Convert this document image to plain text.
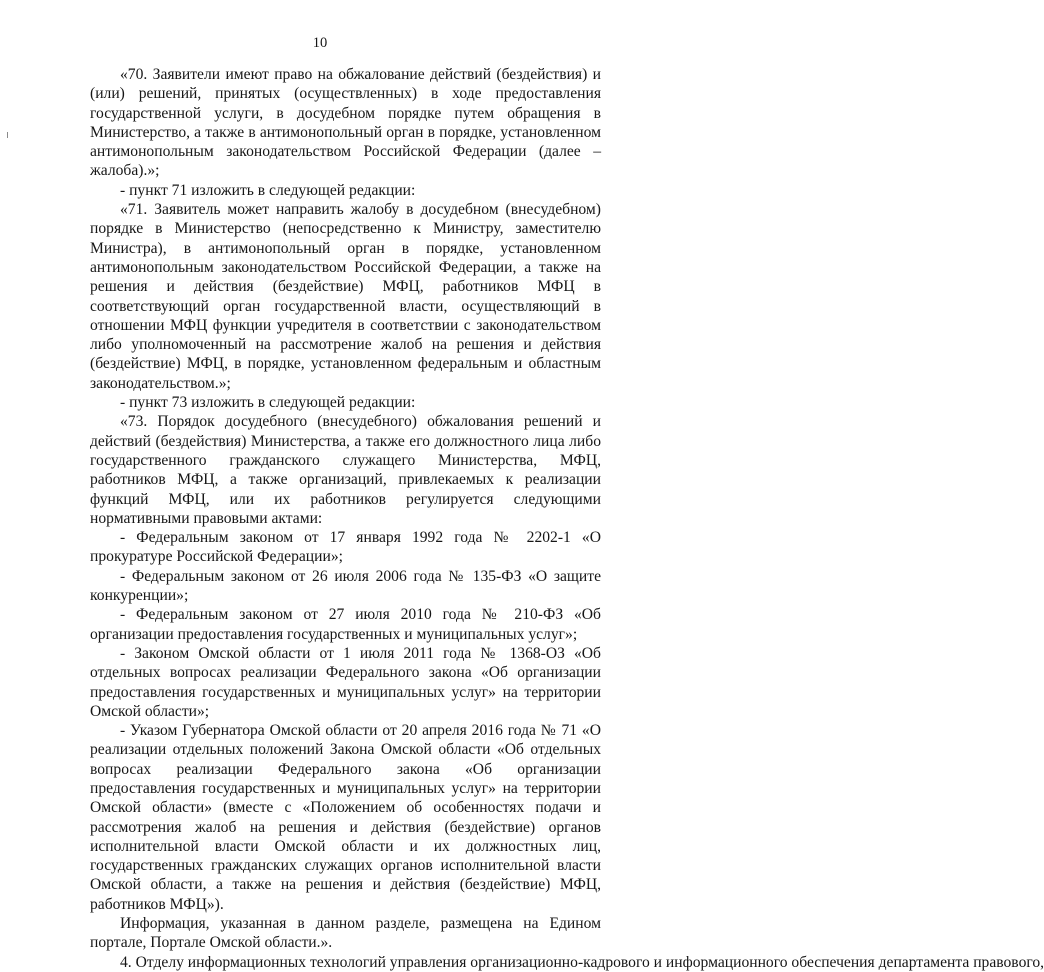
10

«70. Заявители имеют право на обжалование действий (бездействия) и (или) решений, принятых (осуществленных) в ходе предоставления государственной услуги, в досудебном порядке путем обращения в Министерство, а также в антимонопольный орган в порядке, установленном антимонопольным законодательством Российской Федерации (далее – жалоба).»;

- пункт 71 изложить в следующей редакции:

«71. Заявитель может направить жалобу в досудебном (внесудебном) порядке в Министерство (непосредственно к Министру, заместителю Министра), в антимонопольный орган в порядке, установленном антимонопольным законодательством Российской Федерации, а также на решения и действия (бездействие) МФЦ, работников МФЦ в соответствующий орган государственной власти, осуществляющий в отношении МФЦ функции учредителя в соответствии с законодательством либо уполномоченный на рассмотрение жалоб на решения и действия (бездействие) МФЦ, в порядке, установленном федеральным и областным законодательством.»;

- пункт 73 изложить в следующей редакции:

«73. Порядок досудебного (внесудебного) обжалования решений и действий (бездействия) Министерства, а также его должностного лица либо государственного гражданского служащего Министерства, МФЦ, работников МФЦ, а также организаций, привлекаемых к реализации функций МФЦ, или их работников регулируется следующими нормативными правовыми актами:

- Федеральным законом от 17 января 1992 года № 2202-1 «О прокуратуре Российской Федерации»;

- Федеральным законом от 26 июля 2006 года № 135-ФЗ «О защите конкуренции»;

- Федеральным законом от 27 июля 2010 года № 210-ФЗ «Об организации предоставления государственных и муниципальных услуг»;

- Законом Омской области от 1 июля 2011 года № 1368-ОЗ «Об отдельных вопросах реализации Федерального закона «Об организации предоставления государственных и муниципальных услуг» на территории Омской области»;

- Указом Губернатора Омской области от 20 апреля 2016 года № 71 «О реализации отдельных положений Закона Омской области «Об отдельных вопросах реализации Федерального закона «Об организации предоставления государственных и муниципальных услуг» на территории Омской области» (вместе с «Положением об особенностях подачи и рассмотрения жалоб на решения и действия (бездействие) органов исполнительной власти Омской области и их должностных лиц, государственных гражданских служащих органов исполнительной власти Омской области, а также на решения и действия (бездействие) МФЦ, работников МФЦ»).

Информация, указанная в данном разделе, размещена на Едином портале, Портале Омской области.».

4. Отделу информационных технологий управления организационно-кадрового и информационного обеспечения департамента правового,
